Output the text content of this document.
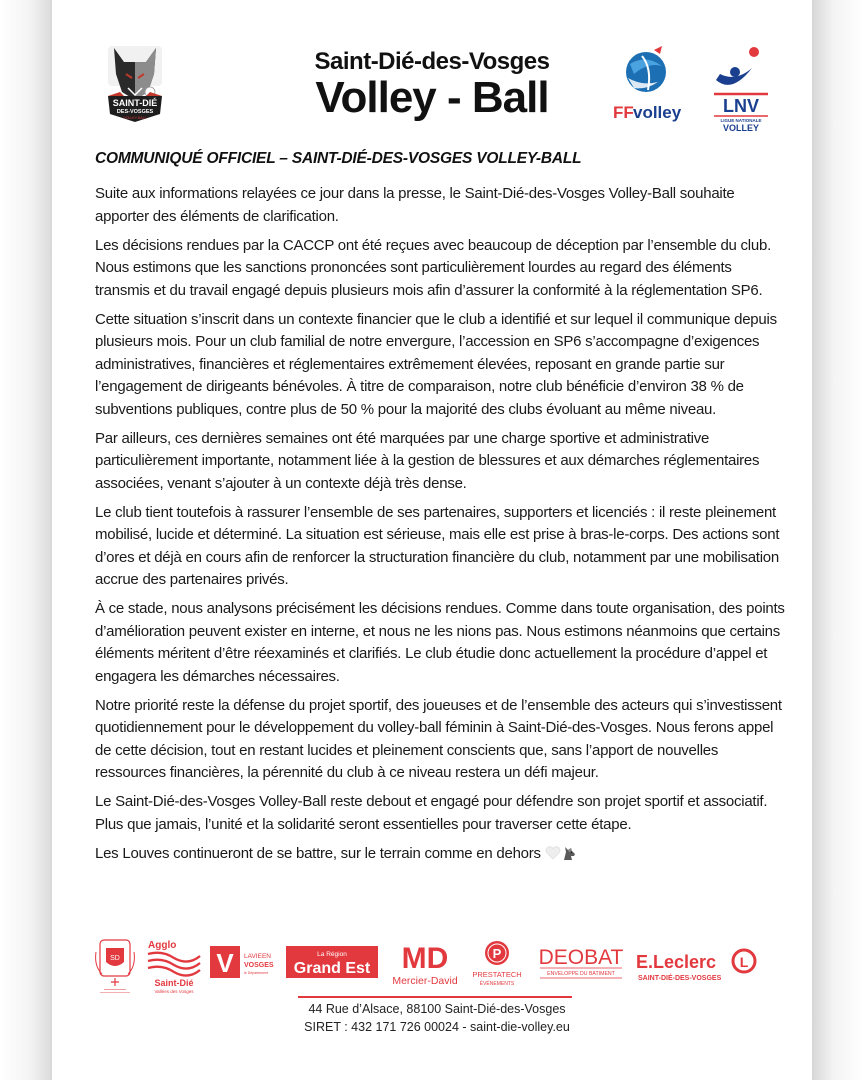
SAINT-DIÉ
DES-VOSGES
VOLLEY-BALL
Saint-Dié-des-Vosges
Volley - Ball	FF volley LNV
LIGUE NATIONALE
VOLLEY
COMMUNIQUÉ OFFICIEL – SAINT-DIÉ-DES-VOSGES VOLLEY-BALL

Suite aux informations relayées ce jour dans la presse, le Saint-Dié-des-Vosges Volley-Ball souhaite apporter des éléments de clarification.

Les décisions rendues par la CACCP ont été reçues avec beaucoup de déception par l’ensemble du club. Nous estimons que les sanctions prononcées sont particulièrement lourdes au regard des éléments transmis et du travail engagé depuis plusieurs mois afin d’assurer la conformité à la réglementation SP6.

Cette situation s’inscrit dans un contexte financier que le club a identifié et sur lequel il communique depuis plusieurs mois. Pour un club familial de notre envergure, l’accession en SP6 s’accompagne d’exigences administratives, financières et réglementaires extrêmement élevées, reposant en grande partie sur l’engagement de dirigeants bénévoles. À titre de comparaison, notre club bénéficie d’environ 38 % de subventions publiques, contre plus de 50 % pour la majorité des clubs évoluant au même niveau.

Par ailleurs, ces dernières semaines ont été marquées par une charge sportive et administrative particulièrement importante, notamment liée à la gestion de blessures et aux démarches réglementaires associées, venant s’ajouter à un contexte déjà très dense.

Le club tient toutefois à rassurer l’ensemble de ses partenaires, supporters et licenciés : il reste pleinement mobilisé, lucide et déterminé. La situation est sérieuse, mais elle est prise à bras-le-corps. Des actions sont d’ores et déjà en cours afin de renforcer la structuration financière du club, notamment par une mobilisation accrue des partenaires privés.

À ce stade, nous analysons précisément les décisions rendues. Comme dans toute organisation, des points d’amélioration peuvent exister en interne, et nous ne les nions pas. Nous estimons néanmoins que certains éléments méritent d’être réexaminés et clarifiés. Le club étudie donc actuellement la procédure d’appel et engagera les démarches nécessaires.

Notre priorité reste la défense du projet sportif, des joueuses et de l’ensemble des acteurs qui s’investissent quotidiennement pour le développement du volley-ball féminin à Saint-Dié-des-Vosges. Nous ferons appel de cette décision, tout en restant lucides et pleinement conscients que, sans l’apport de nouvelles ressources financières, la pérennité du club à ce niveau restera un défi majeur.

Le Saint-Dié-des-Vosges Volley-Ball reste debout et engagé pour défendre son projet sportif et associatif. Plus que jamais, l’unité et la solidarité seront essentielles pour traverser cette étape.

Les Louves continueront de se battre, sur le terrain comme en dehors

SD
Agglo
Saint-Dié
Vallées des Vosges
V LAVIEEN
VOSGES
le Département
La Région
Grand Est MD
Mercier-David
P
PRESTATECH
ÉVÉNEMENTS
DEOBAT
ENVELOPPE DU BATIMENT
E.Leclerc L
SAINT-DIÉ-DES-VOSGES
44 Rue d’Alsace, 88100 Saint-Dié-des-Vosges
SIRET : 432 171 726 00024 - saint-die-volley.eu
